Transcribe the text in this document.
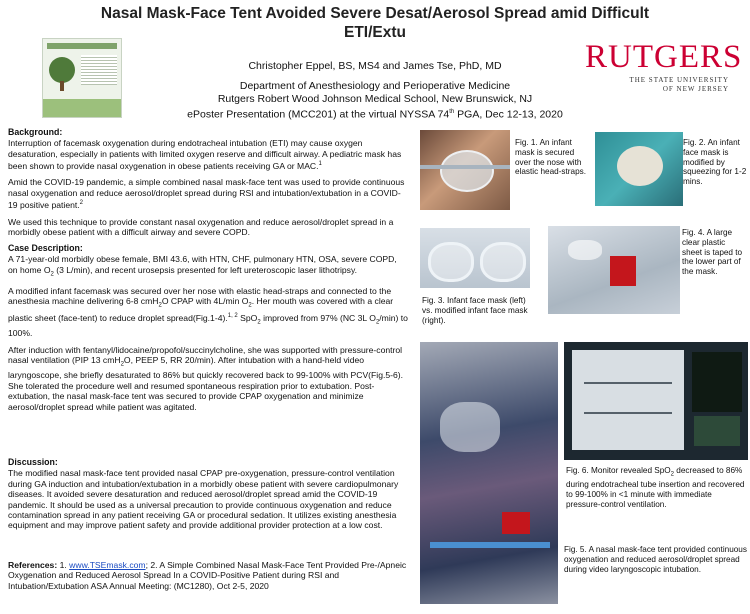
Nasal Mask-Face Tent Avoided Severe Desat/Aerosol Spread amid Difficult ETI/Extu
Christopher Eppel, BS, MS4 and James Tse, PhD, MD
Department of Anesthesiology and Perioperative Medicine
Rutgers Robert Wood Johnson Medical School, New Brunswick, NJ
ePoster Presentation (MCC201) at the virtual NYSSA 74th PGA, Dec 12-13, 2020
RUTGERS
THE STATE UNIVERSITY
OF NEW JERSEY
Background:

Interruption of facemask oxygenation during endotracheal intubation (ETI) may cause oxygen desaturation, especially in patients with limited oxygen reserve and difficult airway. A pediatric mask has been shown to provide nasal oxygenation in obese patients receiving GA or MAC.$^1$

Amid the COVID-19 pandemic, a simple combined nasal mask-face tent was used to provide continuous nasal oxygenation and reduce aerosol/droplet spread during RSI and intubation/extubation in a COVID-19 positive patient.$^2$

We used this technique to provide constant nasal oxygenation and reduce aerosol/droplet spread in a morbidly obese patient with a difficult airway and severe COPD.

Case Description:

A 71-year-old morbidly obese female, BMI 43.6, with HTN, CHF, pulmonary HTN, OSA, severe COPD, on home $O_2$ (3 L/min), and recent urosepsis presented for left ureteroscopic laser lithotripsy.

A modified infant facemask was secured over her nose with elastic head-straps and connected to the anesthesia machine delivering 6-8 cmH$_2$O CPAP with 4L/min $O_2$. Her mouth was covered with a clear plastic sheet (face-tent) to reduce droplet spread(Fig.1-4).$^{1, 2}$ SpO$_2$ improved from 97% (NC 3L $O_2/\min$) to 100%.

After induction with fentanyl/lidocaine/propofol/succinylcholine, she was supported with pressure-control nasal ventilation (PIP 13 cmH$_2$O, PEEP 5, RR 20/min). After intubation with a hand-held video laryngoscope, she briefly desaturated to 86% but quickly recovered back to 99-100% with PCV(Fig.5-6). She tolerated the procedure well and resumed spontaneous respiration prior to extubation. Post-extubation, the nasal mask-face tent was secured to provide CPAP oxygenation and minimize aerosol/droplet spread while patient was agitated.

Discussion:

The modified nasal mask-face tent provided nasal CPAP pre-oxygenation, pressure-control ventilation during GA induction and intubation/extubation in a morbidly obese patient with severe cardiopulmonary diseases. It avoided severe desaturation and reduced aerosol/droplet spread amid the COVID-19 pandemic. It should be used as a universal precaution to provide continuous oxygenation and reduce contamination spread in any patient receiving GA or procedural sedation. It utilizes existing anesthesia equipment and may improve patient safety and provide additional provider protection at a low cost.

References: 1. www.TSEmask.com; 2. A Simple Combined Nasal Mask-Face Tent Provided Pre-/Apneic Oxygenation and Reduced Aerosol Spread In a COVID-Positive Patient during RSI and Intubation/Extubation ASA Annual Meeting: (MC1280), Oct 2-5, 2020
Fig. 1. An infant mask is secured over the nose with elastic head-straps.
Fig. 2. An infant face mask is modified by squeezing for 1-2 mins.
Fig. 3. Infant face mask (left) vs. modified infant face mask (right).
Fig. 4. A large clear plastic sheet is taped to the lower part of the mask.
Fig. 6. Monitor revealed SpO$_2$ decreased to 86% during endotracheal tube insertion and recovered to 99-100% in <1 minute with immediate pressure-control ventilation.
Fig. 5. A nasal mask-face tent provided continuous oxygenation and reduced aerosol/droplet spread during video laryngoscopic intubation.
